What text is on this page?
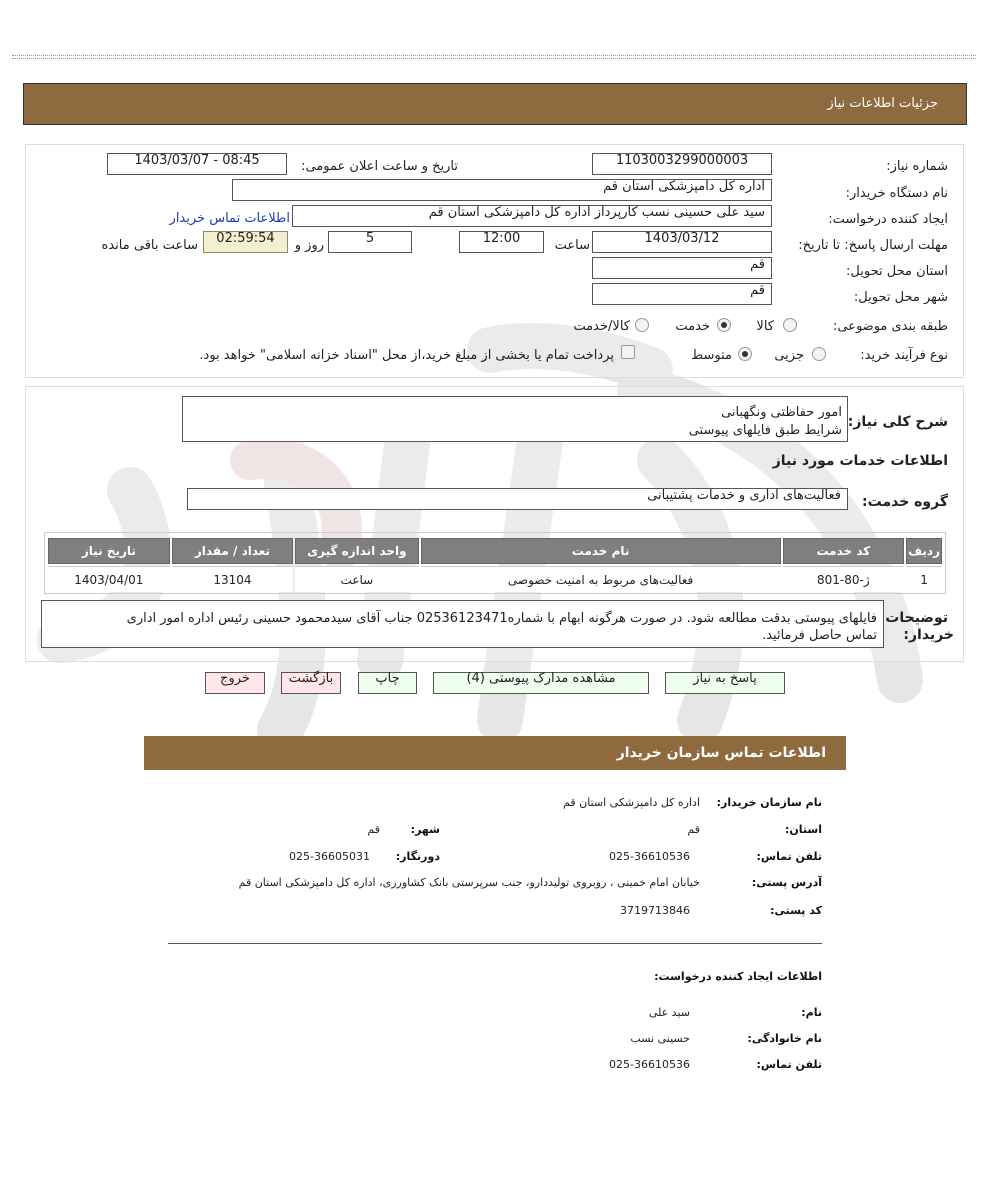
جزئیات اطلاعات نیاز
شماره نیاز:
1103003299000003
تاریخ و ساعت اعلان عمومی:
1403/03/07 - 08:45
نام دستگاه خریدار:
اداره کل دامپزشکی استان قم
ایجاد کننده درخواست:
سید علی حسینی نسب کارپرداز اداره کل دامپزشکی استان قم
اطلاعات تماس خریدار
مهلت ارسال پاسخ: تا تاریخ:
1403/03/12
ساعت
12:00
5
روز و
02:59:54
ساعت باقی مانده
استان محل تحویل:
قم
شهر محل تحویل:
قم
طبقه بندی موضوعی:
کالا
خدمت
کالا/خدمت
نوع فرآیند خرید:
جزیی
متوسط
پرداخت تمام یا بخشی از مبلغ خرید،از محل "اسناد خزانه اسلامی" خواهد بود.
شرح کلی نیاز:
امور حفاظتی ونگهبانی
شرایط طبق فایلهای پیوستی
اطلاعات خدمات مورد نیاز
گروه خدمت:
فعالیت‌های اداری و خدمات پشتیبانی
ردیف	کد خدمت	نام خدمت	واحد اندازه گیری	تعداد / مقدار	تاریخ نیاز
1	ژ-80-801	فعالیت‌های مربوط به امنیت خصوصی	ساعت	13104	1403/04/01
توضیحات
خریدار:
فایلهای پیوستی بدقت مطالعه شود. در صورت هرگونه ابهام با شماره02536123471 جناب آقای سیدمحمود حسینی رئیس اداره امور اداری
تماس حاصل فرمائید.
پاسخ به نیاز
مشاهده مدارک پیوستی (4)
چاپ
بازگشت
خروج
اطلاعات تماس سازمان خریدار
نام سازمان خریدار:
اداره کل دامپزشکی استان قم
استان:
قم
شهر:
قم
تلفن تماس:
025-36610536
دورنگار:
025-36605031
آدرس پستی:
خیابان امام خمینی ، روبروی تولیددارو، جنب سرپرستی بانک کشاورزی، اداره کل دامپزشکی استان قم
کد پستی:
3719713846
اطلاعات ایجاد کننده درخواست:
نام:
سید علی
نام خانوادگی:
حسینی نسب
تلفن تماس:
025-36610536
